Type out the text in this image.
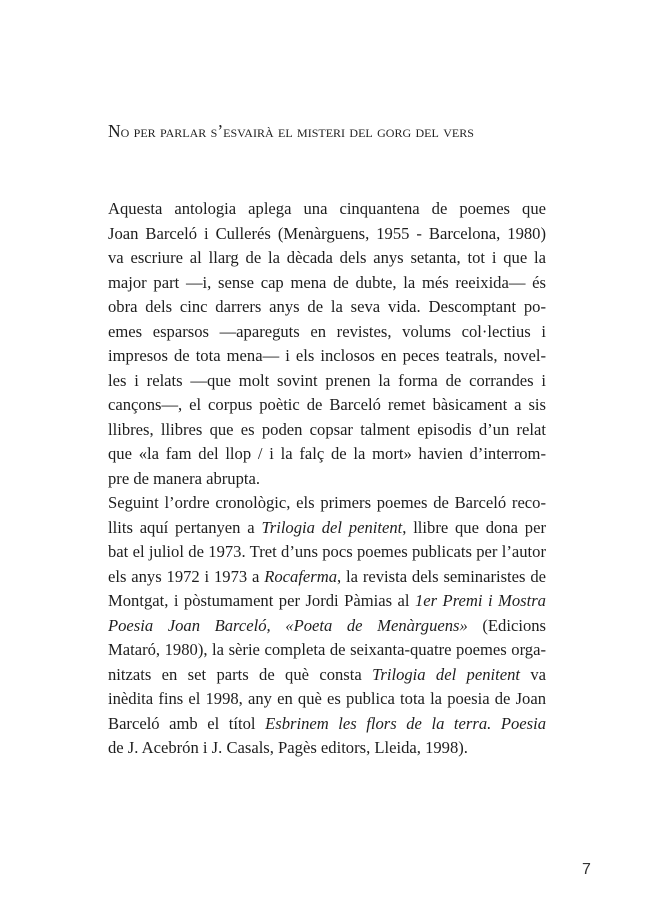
No per parlar s’esvairà el misteri del gorg del vers
Aquesta antologia aplega una cinquantena de poemes que
Joan Barceló i Cullerés (Menàrguens, 1955 - Barcelona, 1980)
va escriure al llarg de la dècada dels anys setanta, tot i que la
major part —i, sense cap mena de dubte, la més reeixida— és
obra dels cinc darrers anys de la seva vida. Descomptant po-
emes esparsos —apareguts en revistes, volums col·lectius i
impresos de tota mena— i els inclosos en peces teatrals, novel-
les i relats —que molt sovint prenen la forma de corrandes i
cançons—, el corpus poètic de Barceló remet bàsicament a sis
llibres, llibres que es poden copsar talment episodis d’un relat
que «la fam del llop / i la falç de la mort» havien d’interrom-
pre de manera abrupta.
Seguint l’ordre cronològic, els primers poemes de Barceló reco-
llits aquí pertanyen a Trilogia del penitent, llibre que dona per
bat el juliol de 1973. Tret d’uns pocs poemes publicats per l’autor
els anys 1972 i 1973 a Rocaferma, la revista dels seminaristes de
Montgat, i pòstumament per Jordi Pàmias al 1er Premi i Mostra
Poesia Joan Barceló, «Poeta de Menàrguens» (Edicions
Mataró, 1980), la sèrie completa de seixanta-quatre poemes orga-
nitzats en set parts de què consta Trilogia del penitent va
inèdita fins el 1998, any en què es publica tota la poesia de Joan
Barceló amb el títol Esbrinem les flors de la terra. Poesia
de J. Acebrón i J. Casals, Pagès editors, Lleida, 1998).
7
